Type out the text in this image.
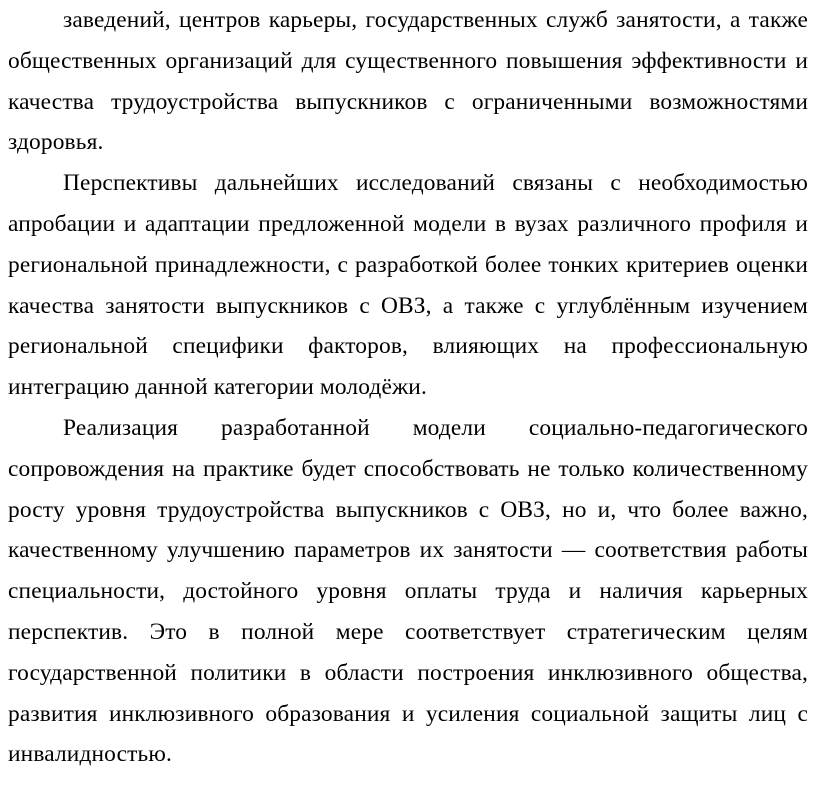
заведений, центров карьеры, государственных служб занятости, а также
общественных организаций для существенного повышения эффективности и
качества трудоустройства выпускников с ограниченными возможностями
здоровья.
Перспективы дальнейших исследований связаны с необходимостью
апробации и адаптации предложенной модели в вузах различного профиля и
региональной принадлежности, с разработкой более тонких критериев оценки
качества занятости выпускников с ОВЗ, а также с углублённым изучением
региональной специфики факторов, влияющих на профессиональную
интеграцию данной категории молодёжи.
Реализация разработанной модели социально-педагогического
сопровождения на практике будет способствовать не только количественному
росту уровня трудоустройства выпускников с ОВЗ, но и, что более важно,
качественному улучшению параметров их занятости — соответствия работы
специальности, достойного уровня оплаты труда и наличия карьерных
перспектив. Это в полной мере соответствует стратегическим целям
государственной политики в области построения инклюзивного общества,
развития инклюзивного образования и усиления социальной защиты лиц с
инвалидностью.
